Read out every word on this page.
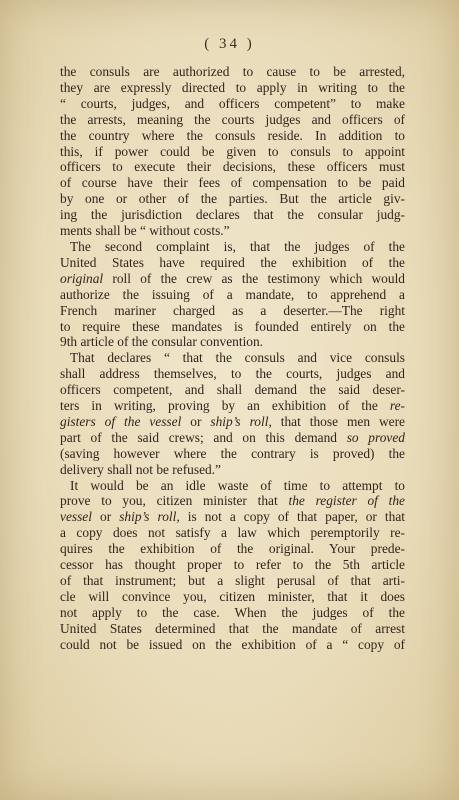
( 34 )
the consuls are authorized to cause to be arrested,
they are expressly directed to apply in writing to the
“ courts, judges, and officers competent” to make
the arrests, meaning the courts judges and officers of
the country where the consuls reside. In addition to
this, if power could be given to consuls to appoint
officers to execute their decisions, these officers must
of course have their fees of compensation to be paid
by one or other of the parties. But the article giv-
ing the jurisdiction declares that the consular judg-
ments shall be “ without costs.”
The second complaint is, that the judges of the
United States have required the exhibition of the
original roll of the crew as the testimony which would
authorize the issuing of a mandate, to apprehend a
French mariner charged as a deserter.—The right
to require these mandates is founded entirely on the
9th article of the consular convention.
That declares “ that the consuls and vice consuls
shall address themselves, to the courts, judges and
officers competent, and shall demand the said deser-
ters in writing, proving by an exhibition of the re-
gisters of the vessel or ship’s roll, that those men were
part of the said crews; and on this demand so proved
(saving however where the contrary is proved) the
delivery shall not be refused.”
It would be an idle waste of time to attempt to
prove to you, citizen minister that the register of the
vessel or ship’s roll, is not a copy of that paper, or that
a copy does not satisfy a law which peremptorily re-
quires the exhibition of the original. Your prede-
cessor has thought proper to refer to the 5th article
of that instrument; but a slight perusal of that arti-
cle will convince you, citizen minister, that it does
not apply to the case. When the judges of the
United States determined that the mandate of arrest
could not be issued on the exhibition of a “ copy of
